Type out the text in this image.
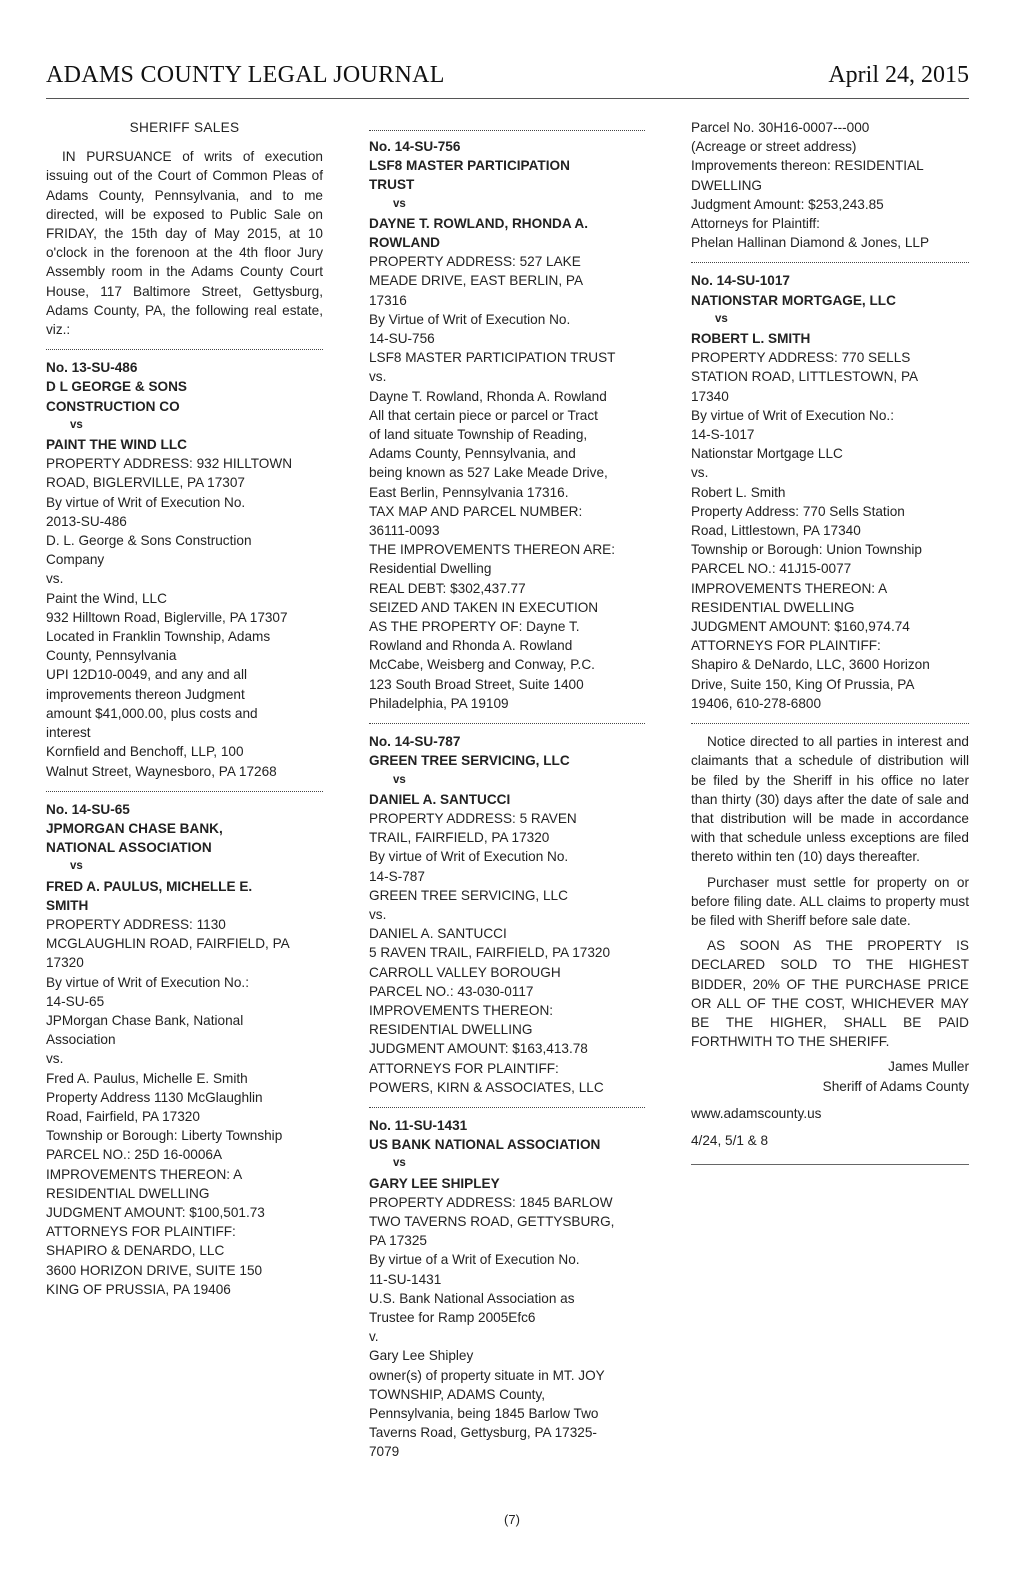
ADAMS COUNTY LEGAL JOURNAL	April 24, 2015
SHERIFF SALES

IN PURSUANCE of writs of execution issuing out of the Court of Common Pleas of Adams County, Pennsylvania, and to me directed, will be exposed to Public Sale on FRIDAY, the 15th day of May 2015, at 10 o'clock in the forenoon at the 4th floor Jury Assembly room in the Adams County Court House, 117 Baltimore Street, Gettysburg, Adams County, PA, the following real estate, viz.:

No. 13-SU-486
D L GEORGE & SONS
CONSTRUCTION CO
vs
PAINT THE WIND LLC
PROPERTY ADDRESS: 932 HILLTOWN
ROAD, BIGLERVILLE, PA 17307
By virtue of Writ of Execution No.
2013-SU-486
D. L. George & Sons Construction
Company
vs.
Paint the Wind, LLC
932 Hilltown Road, Biglerville, PA 17307
Located in Franklin Township, Adams
County, Pennsylvania
UPI 12D10-0049, and any and all
improvements thereon Judgment
amount $41,000.00, plus costs and
interest
Kornfield and Benchoff, LLP, 100
Walnut Street, Waynesboro, PA 17268
No. 14-SU-65
JPMORGAN CHASE BANK,
NATIONAL ASSOCIATION
vs
FRED A. PAULUS, MICHELLE E.
SMITH
PROPERTY ADDRESS: 1130
MCGLAUGHLIN ROAD, FAIRFIELD, PA
17320
By virtue of Writ of Execution No.:
14-SU-65
JPMorgan Chase Bank, National
Association
vs.
Fred A. Paulus, Michelle E. Smith
Property Address 1130 McGlaughlin
Road, Fairfield, PA 17320
Township or Borough: Liberty Township
PARCEL NO.: 25D 16-0006A
IMPROVEMENTS THEREON: A
RESIDENTIAL DWELLING
JUDGMENT AMOUNT: $100,501.73
ATTORNEYS FOR PLAINTIFF:
SHAPIRO & DENARDO, LLC
3600 HORIZON DRIVE, SUITE 150
KING OF PRUSSIA, PA 19406
No. 14-SU-756
LSF8 MASTER PARTICIPATION
TRUST
vs
DAYNE T. ROWLAND, RHONDA A.
ROWLAND
PROPERTY ADDRESS: 527 LAKE
MEADE DRIVE, EAST BERLIN, PA
17316
By Virtue of Writ of Execution No.
14-SU-756
LSF8 MASTER PARTICIPATION TRUST
vs.
Dayne T. Rowland, Rhonda A. Rowland
All that certain piece or parcel or Tract
of land situate Township of Reading,
Adams County, Pennsylvania, and
being known as 527 Lake Meade Drive,
East Berlin, Pennsylvania 17316.
TAX MAP AND PARCEL NUMBER:
36111-0093
THE IMPROVEMENTS THEREON ARE:
Residential Dwelling
REAL DEBT: $302,437.77
SEIZED AND TAKEN IN EXECUTION
AS THE PROPERTY OF: Dayne T.
Rowland and Rhonda A. Rowland
McCabe, Weisberg and Conway, P.C.
123 South Broad Street, Suite 1400
Philadelphia, PA 19109
No. 14-SU-787
GREEN TREE SERVICING, LLC
vs
DANIEL A. SANTUCCI
PROPERTY ADDRESS: 5 RAVEN
TRAIL, FAIRFIELD, PA 17320
By virtue of Writ of Execution No.
14-S-787
GREEN TREE SERVICING, LLC
vs.
DANIEL A. SANTUCCI
5 RAVEN TRAIL, FAIRFIELD, PA 17320
CARROLL VALLEY BOROUGH
PARCEL NO.: 43-030-0117
IMPROVEMENTS THEREON:
RESIDENTIAL DWELLING
JUDGMENT AMOUNT: $163,413.78
ATTORNEYS FOR PLAINTIFF:
POWERS, KIRN & ASSOCIATES, LLC
No. 11-SU-1431
US BANK NATIONAL ASSOCIATION
vs
GARY LEE SHIPLEY
PROPERTY ADDRESS: 1845 BARLOW
TWO TAVERNS ROAD, GETTYSBURG,
PA 17325
By virtue of a Writ of Execution No.
11-SU-1431
U.S. Bank National Association as
Trustee for Ramp 2005Efc6
v.
Gary Lee Shipley
owner(s) of property situate in MT. JOY
TOWNSHIP, ADAMS County,
Pennsylvania, being 1845 Barlow Two
Taverns Road, Gettysburg, PA 17325-
7079
Parcel No. 30H16-0007---000
(Acreage or street address)
Improvements thereon: RESIDENTIAL
DWELLING
Judgment Amount: $253,243.85
Attorneys for Plaintiff:
Phelan Hallinan Diamond & Jones, LLP
No. 14-SU-1017
NATIONSTAR MORTGAGE, LLC
vs
ROBERT L. SMITH
PROPERTY ADDRESS: 770 SELLS
STATION ROAD, LITTLESTOWN, PA
17340
By virtue of Writ of Execution No.:
14-S-1017
Nationstar Mortgage LLC
vs.
Robert L. Smith
Property Address: 770 Sells Station
Road, Littlestown, PA 17340
Township or Borough: Union Township
PARCEL NO.: 41J15-0077
IMPROVEMENTS THEREON: A
RESIDENTIAL DWELLING
JUDGMENT AMOUNT: $160,974.74
ATTORNEYS FOR PLAINTIFF:
Shapiro & DeNardo, LLC, 3600 Horizon
Drive, Suite 150, King Of Prussia, PA
19406, 610-278-6800

Notice directed to all parties in interest and claimants that a schedule of distribution will be filed by the Sheriff in his office no later than thirty (30) days after the date of sale and that distribution will be made in accordance with that schedule unless exceptions are filed thereto within ten (10) days thereafter.

Purchaser must settle for property on or before filing date. ALL claims to property must be filed with Sheriff before sale date.

AS SOON AS THE PROPERTY IS DECLARED SOLD TO THE HIGHEST BIDDER, 20% OF THE PURCHASE PRICE OR ALL OF THE COST, WHICHEVER MAY BE THE HIGHER, SHALL BE PAID FORTHWITH TO THE SHERIFF.

James Muller
Sheriff of Adams County
www.adamscounty.us
4/24, 5/1 & 8
(7)
